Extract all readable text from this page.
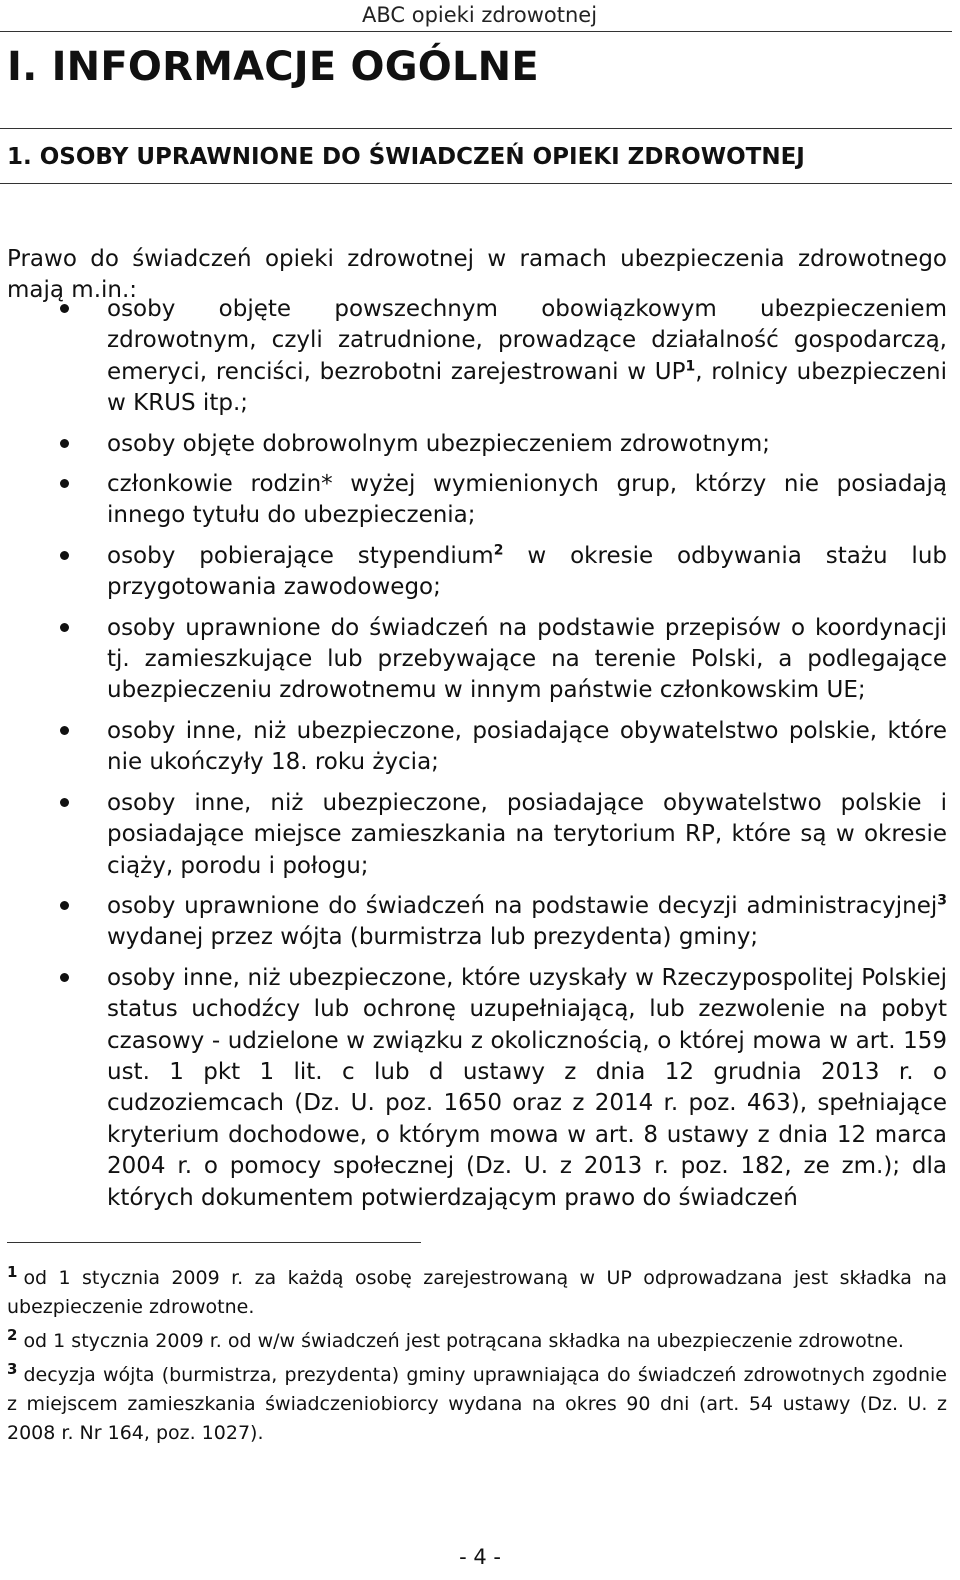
ABC opieki zdrowotnej
I. INFORMACJE OGÓLNE
1. OSOBY UPRAWNIONE DO ŚWIADCZEŃ OPIEKI ZDROWOTNEJ

Prawo do świadczeń opieki zdrowotnej w ramach ubezpieczenia zdrowotnego mają m.in.:

osoby objęte powszechnym obowiązkowym ubezpieczeniem zdrowotnym, czyli zatrudnione, prowadzące działalność gospodarczą, emeryci, renciści, bezrobotni zarejestrowani w $UP^1$, rolnicy ubezpieczeni w KRUS itp.;
osoby objęte dobrowolnym ubezpieczeniem zdrowotnym;
członkowie rodzin* wyżej wymienionych grup, którzy nie posiadają innego tytułu do ubezpieczenia;
osoby pobierające stypendium$^2$ w okresie odbywania stażu lub przygotowania zawodowego;
osoby uprawnione do świadczeń na podstawie przepisów o koordynacji tj. zamieszkujące lub przebywające na terenie Polski, a podlegające ubezpieczeniu zdrowotnemu w innym państwie członkowskim UE;
osoby inne, niż ubezpieczone, posiadające obywatelstwo polskie, które nie ukończyły 18. roku życia;
osoby inne, niż ubezpieczone, posiadające obywatelstwo polskie i posiadające miejsce zamieszkania na terytorium RP, które są w okresie ciąży, porodu i połogu;
osoby uprawnione do świadczeń na podstawie decyzji administracyjnej$^3$ wydanej przez wójta (burmistrza lub prezydenta) gminy;
osoby inne, niż ubezpieczone, które uzyskały w Rzeczypospolitej Polskiej status uchodźcy lub ochronę uzupełniającą, lub zezwolenie na pobyt czasowy - udzielone w związku z okolicznością, o której mowa w art. 159 ust. 1 pkt 1 lit. c lub d ustawy z dnia 12 grudnia 2013 r. o cudzoziemcach (Dz. U. poz. 1650 oraz z 2014 r. poz. 463), spełniające kryterium dochodowe, o którym mowa w art. 8 ustawy z dnia 12 marca 2004 r. o pomocy społecznej (Dz. U. z 2013 r. poz. 182, ze zm.); dla których dokumentem potwierdzającym prawo do świadczeń

$^1$ od 1 stycznia 2009 r. za każdą osobę zarejestrowaną w UP odprowadzana jest składka na ubezpieczenie zdrowotne.

$^2$ od 1 stycznia 2009 r. od w/w świadczeń jest potrącana składka na ubezpieczenie zdrowotne.

$^3$ decyzja wójta (burmistrza, prezydenta) gminy uprawniająca do świadczeń zdrowotnych zgodnie z miejscem zamieszkania świadczeniobiorcy wydana na okres 90 dni (art. 54 ustawy (Dz. U. z 2008 r. Nr 164, poz. 1027).

- 4 -
